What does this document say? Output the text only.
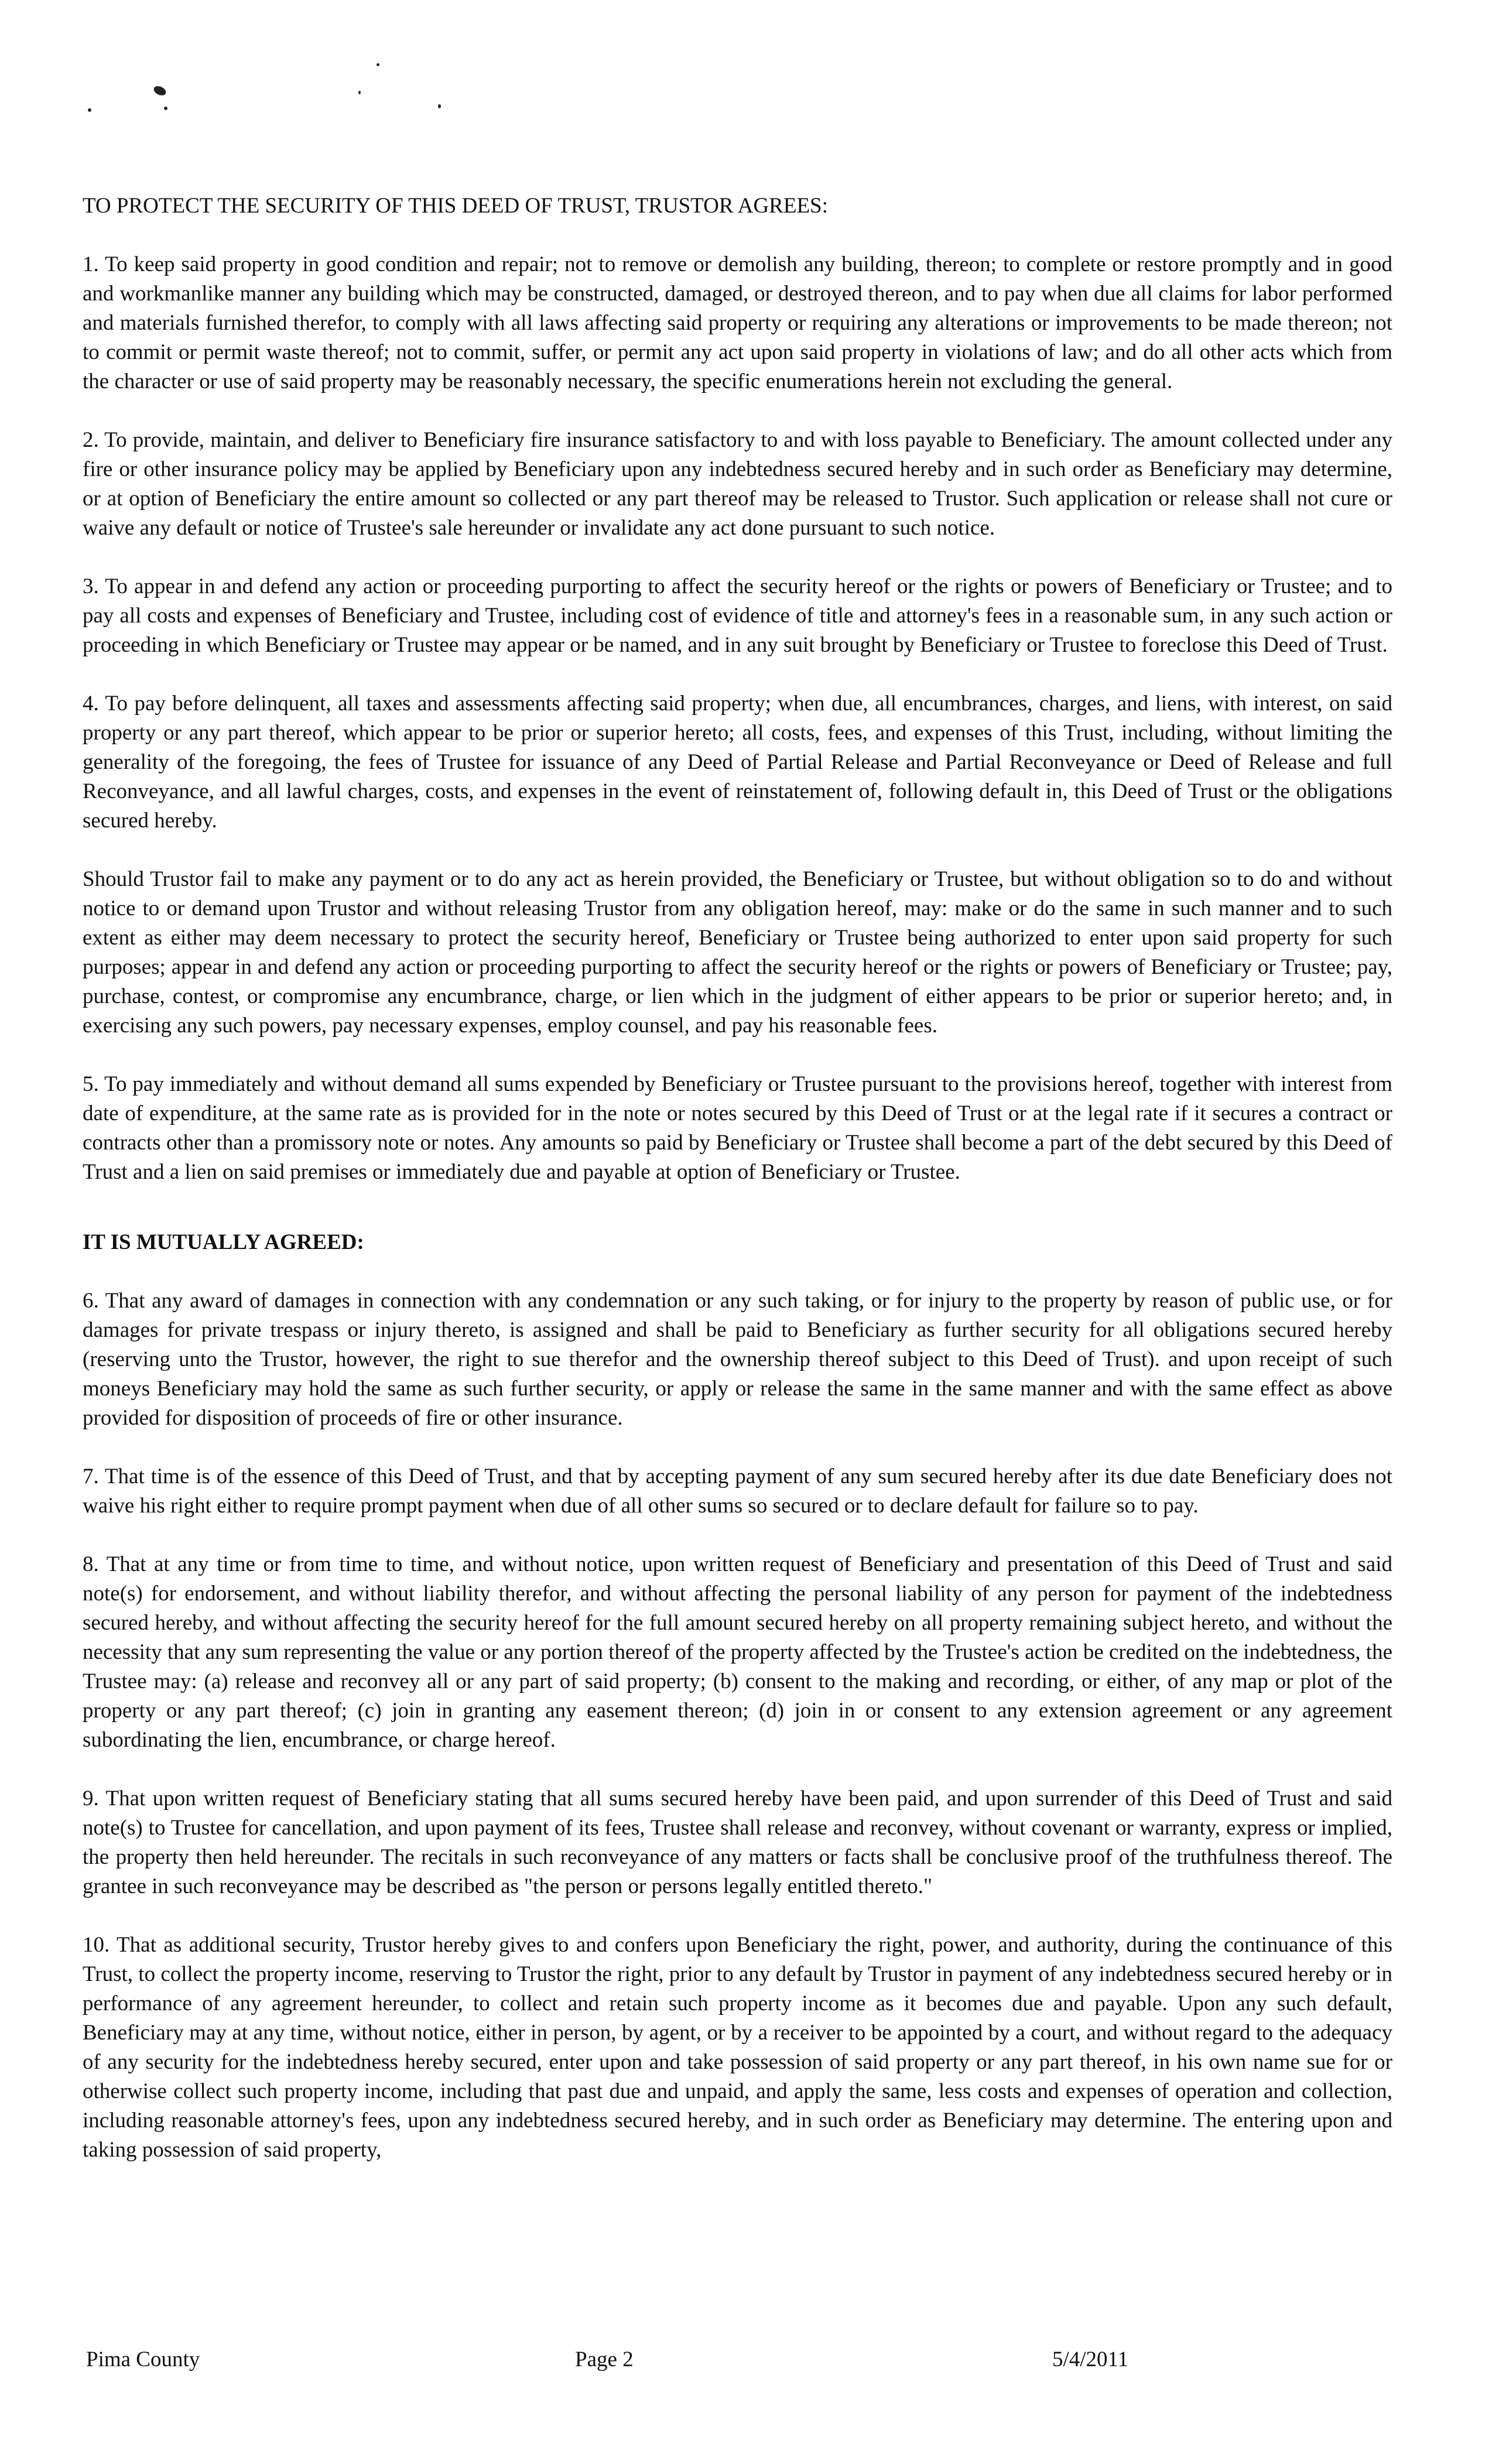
TO PROTECT THE SECURITY OF THIS DEED OF TRUST, TRUSTOR AGREES:

1. To keep said property in good condition and repair; not to remove or demolish any building, thereon; to complete or restore promptly and in good and workmanlike manner any building which may be constructed, damaged, or destroyed thereon, and to pay when due all claims for labor performed and materials furnished therefor, to comply with all laws affecting said property or requiring any alterations or improvements to be made thereon; not to commit or permit waste thereof; not to commit, suffer, or permit any act upon said property in violations of law; and do all other acts which from the character or use of said property may be reasonably necessary, the specific enumerations herein not excluding the general.

2. To provide, maintain, and deliver to Beneficiary fire insurance satisfactory to and with loss payable to Beneficiary. The amount collected under any fire or other insurance policy may be applied by Beneficiary upon any indebtedness secured hereby and in such order as Beneficiary may determine, or at option of Beneficiary the entire amount so collected or any part thereof may be released to Trustor. Such application or release shall not cure or waive any default or notice of Trustee's sale hereunder or invalidate any act done pursuant to such notice.

3. To appear in and defend any action or proceeding purporting to affect the security hereof or the rights or powers of Beneficiary or Trustee; and to pay all costs and expenses of Beneficiary and Trustee, including cost of evidence of title and attorney's fees in a reasonable sum, in any such action or proceeding in which Beneficiary or Trustee may appear or be named, and in any suit brought by Beneficiary or Trustee to foreclose this Deed of Trust.

4. To pay before delinquent, all taxes and assessments affecting said property; when due, all encumbrances, charges, and liens, with interest, on said property or any part thereof, which appear to be prior or superior hereto; all costs, fees, and expenses of this Trust, including, without limiting the generality of the foregoing, the fees of Trustee for issuance of any Deed of Partial Release and Partial Reconveyance or Deed of Release and full Reconveyance, and all lawful charges, costs, and expenses in the event of reinstatement of, following default in, this Deed of Trust or the obligations secured hereby.

Should Trustor fail to make any payment or to do any act as herein provided, the Beneficiary or Trustee, but without obligation so to do and without notice to or demand upon Trustor and without releasing Trustor from any obligation hereof, may: make or do the same in such manner and to such extent as either may deem necessary to protect the security hereof, Beneficiary or Trustee being authorized to enter upon said property for such purposes; appear in and defend any action or proceeding purporting to affect the security hereof or the rights or powers of Beneficiary or Trustee; pay, purchase, contest, or compromise any encumbrance, charge, or lien which in the judgment of either appears to be prior or superior hereto; and, in exercising any such powers, pay necessary expenses, employ counsel, and pay his reasonable fees.

5. To pay immediately and without demand all sums expended by Beneficiary or Trustee pursuant to the provisions hereof, together with interest from date of expenditure, at the same rate as is provided for in the note or notes secured by this Deed of Trust or at the legal rate if it secures a contract or contracts other than a promissory note or notes. Any amounts so paid by Beneficiary or Trustee shall become a part of the debt secured by this Deed of Trust and a lien on said premises or immediately due and payable at option of Beneficiary or Trustee.

IT IS MUTUALLY AGREED:

6. That any award of damages in connection with any condemnation or any such taking, or for injury to the property by reason of public use, or for damages for private trespass or injury thereto, is assigned and shall be paid to Beneficiary as further security for all obligations secured hereby (reserving unto the Trustor, however, the right to sue therefor and the ownership thereof subject to this Deed of Trust). and upon receipt of such moneys Beneficiary may hold the same as such further security, or apply or release the same in the same manner and with the same effect as above provided for disposition of proceeds of fire or other insurance.

7. That time is of the essence of this Deed of Trust, and that by accepting payment of any sum secured hereby after its due date Beneficiary does not waive his right either to require prompt payment when due of all other sums so secured or to declare default for failure so to pay.

8. That at any time or from time to time, and without notice, upon written request of Beneficiary and presentation of this Deed of Trust and said note(s) for endorsement, and without liability therefor, and without affecting the personal liability of any person for payment of the indebtedness secured hereby, and without affecting the security hereof for the full amount secured hereby on all property remaining subject hereto, and without the necessity that any sum representing the value or any portion thereof of the property affected by the Trustee's action be credited on the indebtedness, the Trustee may: (a) release and reconvey all or any part of said property; (b) consent to the making and recording, or either, of any map or plot of the property or any part thereof; (c) join in granting any easement thereon; (d) join in or consent to any extension agreement or any agreement subordinating the lien, encumbrance, or charge hereof.

9. That upon written request of Beneficiary stating that all sums secured hereby have been paid, and upon surrender of this Deed of Trust and said note(s) to Trustee for cancellation, and upon payment of its fees, Trustee shall release and reconvey, without covenant or warranty, express or implied, the property then held hereunder. The recitals in such reconveyance of any matters or facts shall be conclusive proof of the truthfulness thereof. The grantee in such reconveyance may be described as "the person or persons legally entitled thereto."

10. That as additional security, Trustor hereby gives to and confers upon Beneficiary the right, power, and authority, during the continuance of this Trust, to collect the property income, reserving to Trustor the right, prior to any default by Trustor in payment of any indebtedness secured hereby or in performance of any agreement hereunder, to collect and retain such property income as it becomes due and payable. Upon any such default, Beneficiary may at any time, without notice, either in person, by agent, or by a receiver to be appointed by a court, and without regard to the adequacy of any security for the indebtedness hereby secured, enter upon and take possession of said property or any part thereof, in his own name sue for or otherwise collect such property income, including that past due and unpaid, and apply the same, less costs and expenses of operation and collection, including reasonable attorney's fees, upon any indebtedness secured hereby, and in such order as Beneficiary may determine. The entering upon and taking possession of said property,

Pima County	Page 2	5/4/2011
